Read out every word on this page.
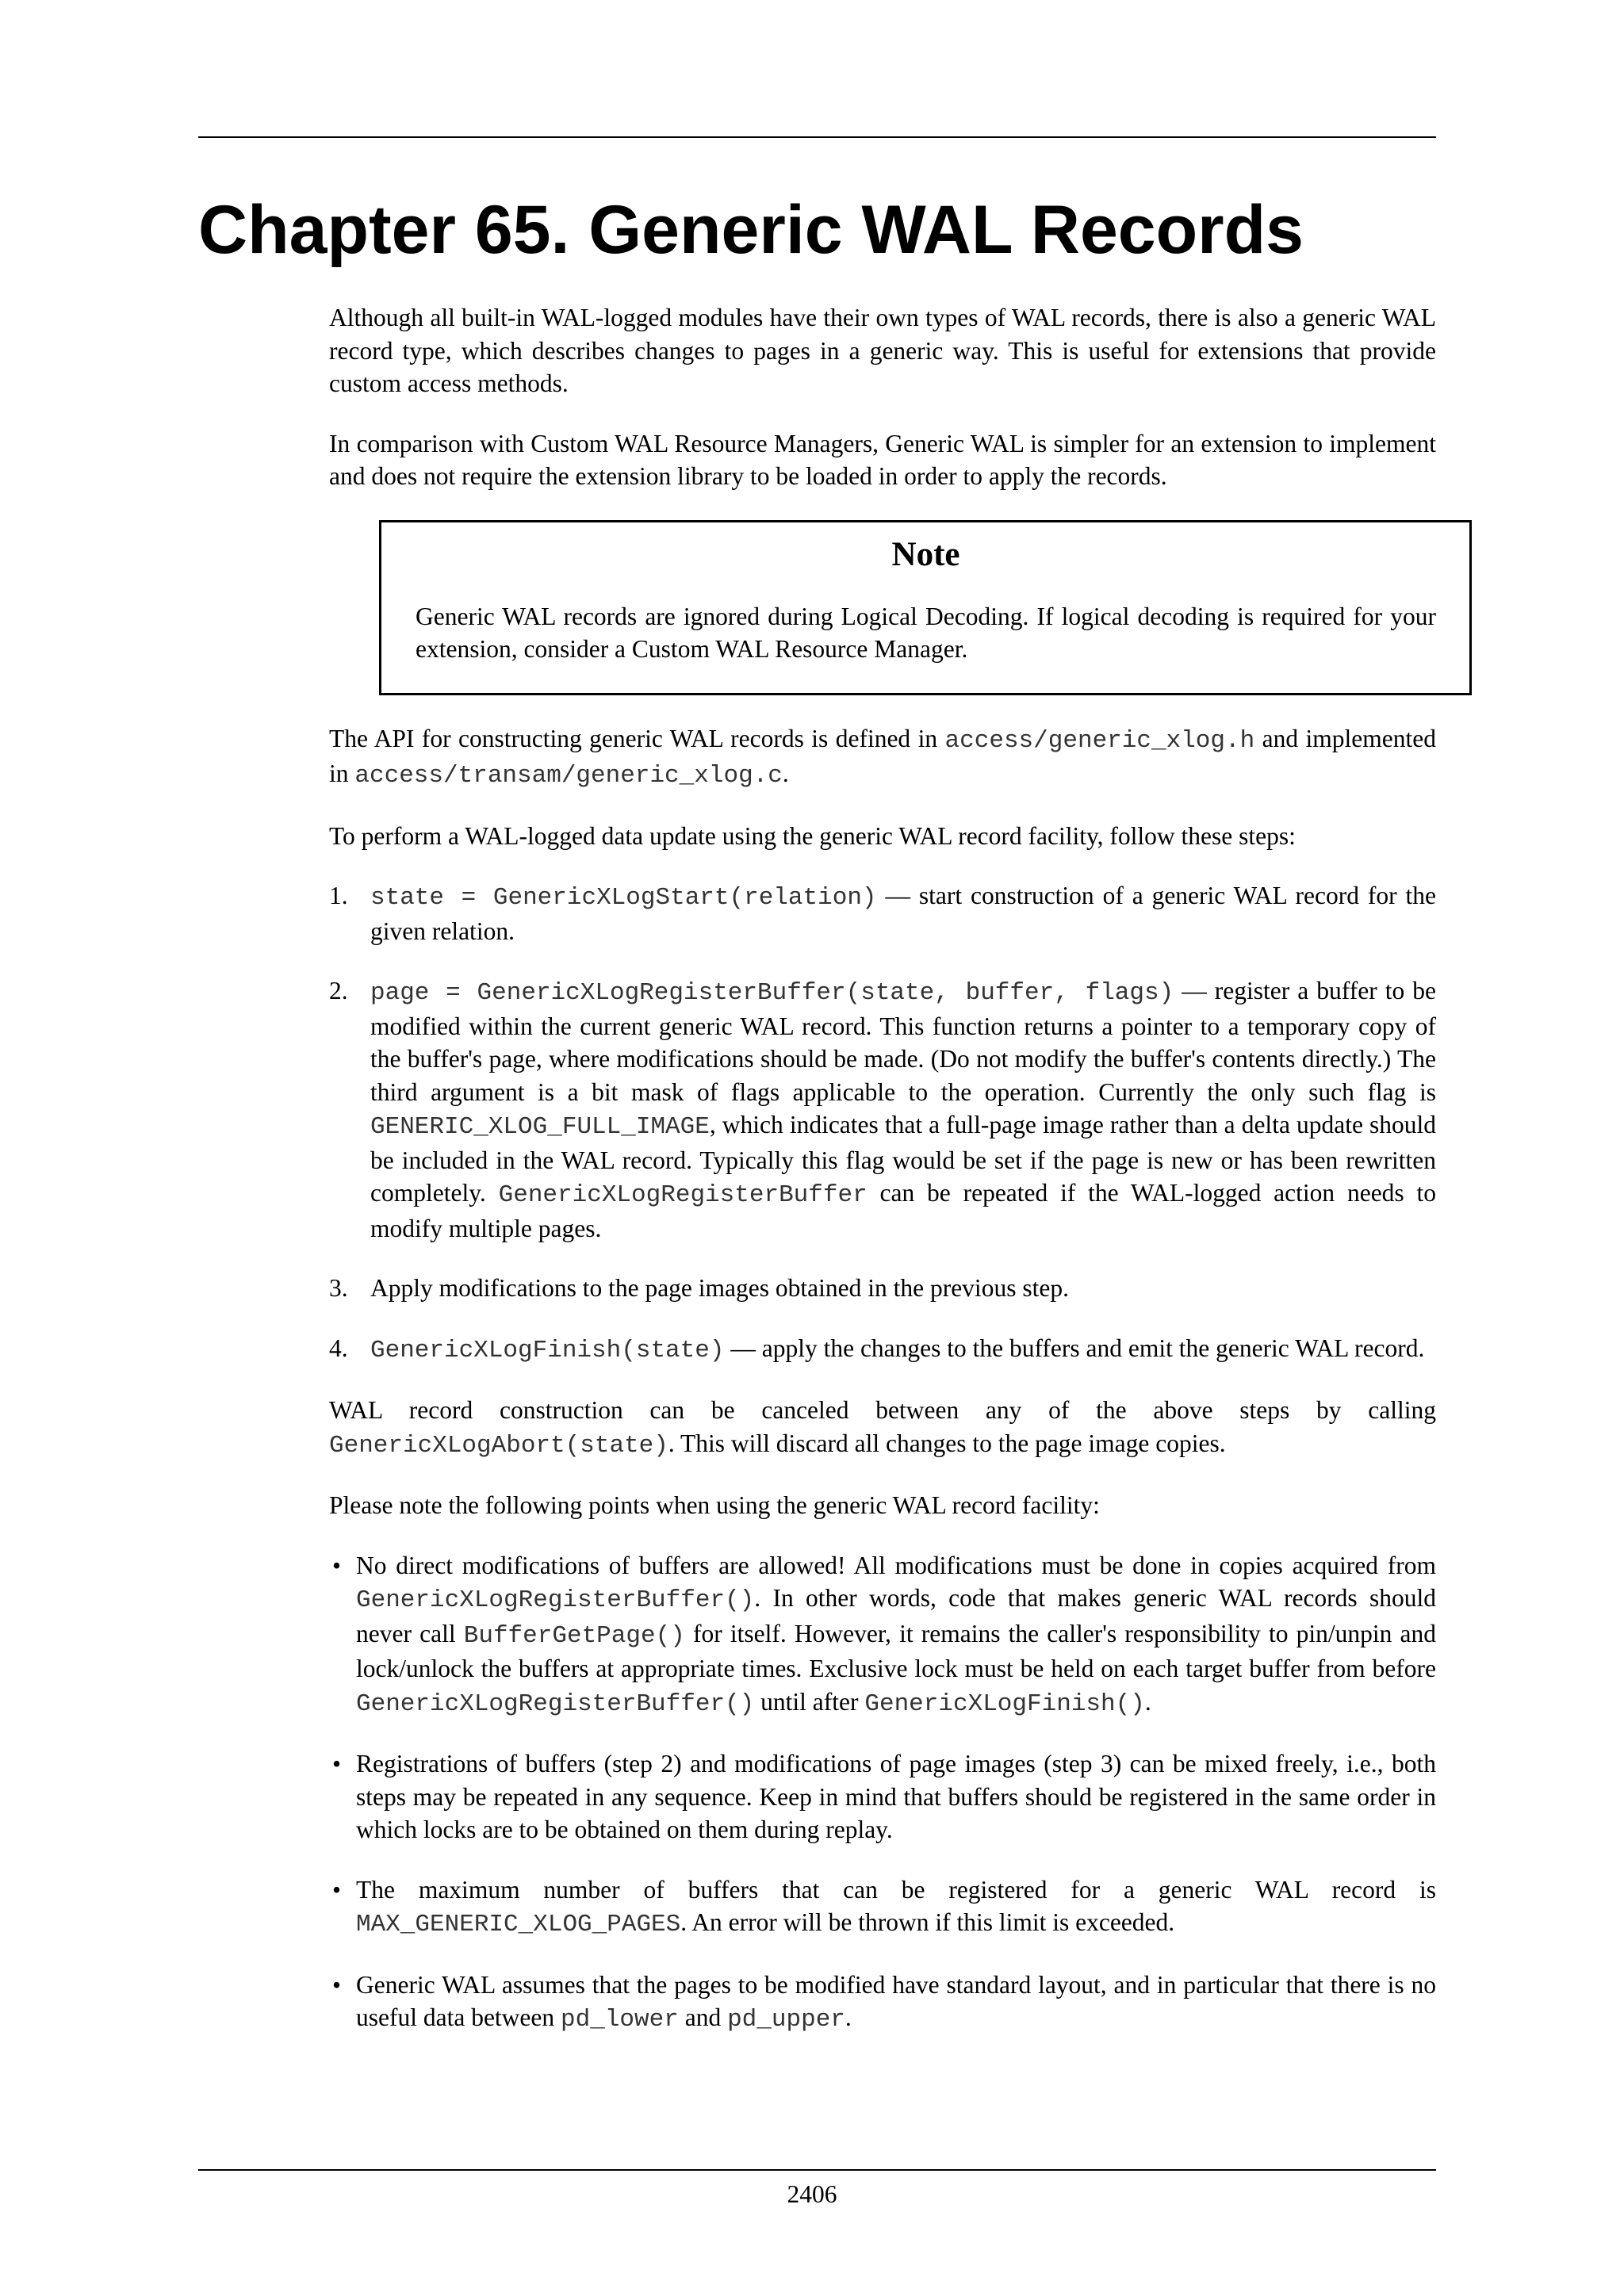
Chapter 65. Generic WAL Records

Although all built-in WAL-logged modules have their own types of WAL records, there is also a generic WAL record type, which describes changes to pages in a generic way. This is useful for extensions that provide custom access methods.

In comparison with Custom WAL Resource Managers, Generic WAL is simpler for an extension to implement and does not require the extension library to be loaded in order to apply the records.

Note

Generic WAL records are ignored during Logical Decoding. If logical decoding is required for your extension, consider a Custom WAL Resource Manager.

The API for constructing generic WAL records is defined in access/generic_xlog.h and implemented in access/transam/generic_xlog.c.

To perform a WAL-logged data update using the generic WAL record facility, follow these steps:

1. state = GenericXLogStart(relation) — start construction of a generic WAL record for the given relation.
2. page = GenericXLogRegisterBuffer(state, buffer, flags) — register a buffer to be modified within the current generic WAL record. This function returns a pointer to a temporary copy of the buffer's page, where modifications should be made. (Do not modify the buffer's contents directly.) The third argument is a bit mask of flags applicable to the operation. Currently the only such flag is GENERIC_XLOG_FULL_IMAGE, which indicates that a full-page image rather than a delta update should be included in the WAL record. Typically this flag would be set if the page is new or has been rewritten completely. GenericXLogRegisterBuffer can be repeated if the WAL-logged action needs to modify multiple pages.
3. Apply modifications to the page images obtained in the previous step.
4. GenericXLogFinish(state) — apply the changes to the buffers and emit the generic WAL record.

WAL record construction can be canceled between any of the above steps by calling GenericXLogAbort(state). This will discard all changes to the page image copies.

Please note the following points when using the generic WAL record facility:

• No direct modifications of buffers are allowed! All modifications must be done in copies acquired from GenericXLogRegisterBuffer(). In other words, code that makes generic WAL records should never call BufferGetPage() for itself. However, it remains the caller's responsibility to pin/unpin and lock/unlock the buffers at appropriate times. Exclusive lock must be held on each target buffer from before GenericXLogRegisterBuffer() until after GenericXLogFinish().
• Registrations of buffers (step 2) and modifications of page images (step 3) can be mixed freely, i.e., both steps may be repeated in any sequence. Keep in mind that buffers should be registered in the same order in which locks are to be obtained on them during replay.
• The maximum number of buffers that can be registered for a generic WAL record is MAX_GENERIC_XLOG_PAGES. An error will be thrown if this limit is exceeded.
• Generic WAL assumes that the pages to be modified have standard layout, and in particular that there is no useful data between pd_lower and pd_upper.
2406
